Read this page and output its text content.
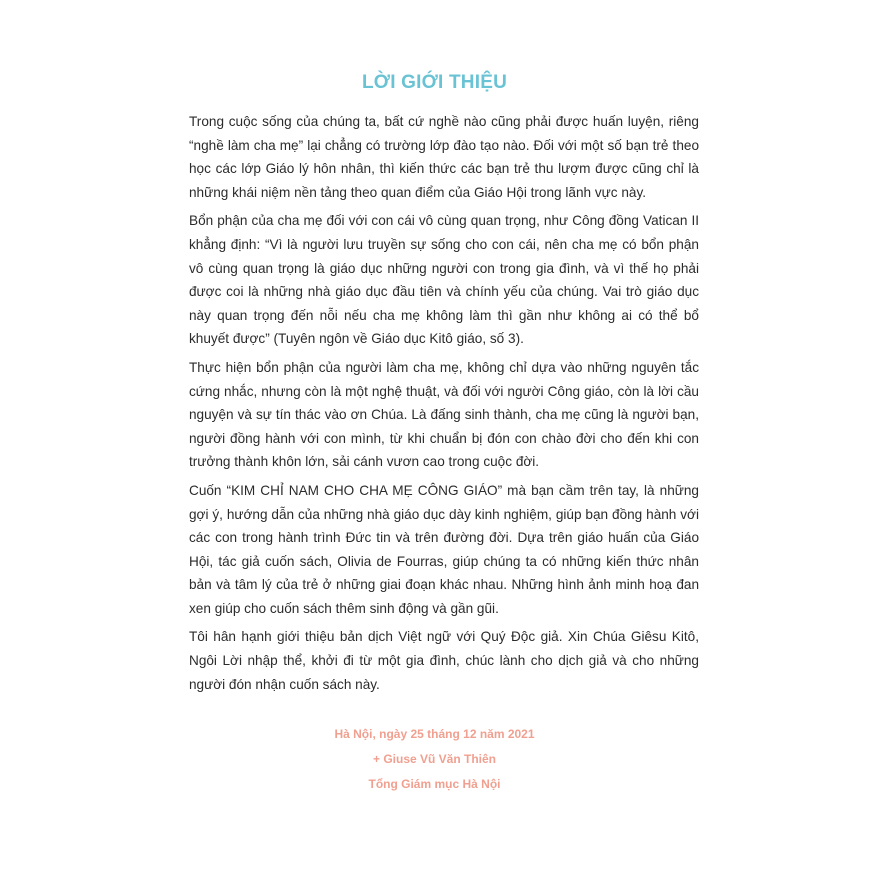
LỜI GIỚI THIỆU

Trong cuộc sống của chúng ta, bất cứ nghề nào cũng phải được huấn luyện, riêng “nghề làm cha mẹ” lại chẳng có trường lớp đào tạo nào. Đối với một số bạn trẻ theo học các lớp Giáo lý hôn nhân, thì kiến thức các bạn trẻ thu lượm được cũng chỉ là những khái niệm nền tảng theo quan điểm của Giáo Hội trong lãnh vực này.

Bổn phận của cha mẹ đối với con cái vô cùng quan trọng, như Công đồng Vatican II khẳng định: “Vì là người lưu truyền sự sống cho con cái, nên cha mẹ có bổn phận vô cùng quan trọng là giáo dục những người con trong gia đình, và vì thế họ phải được coi là những nhà giáo dục đầu tiên và chính yếu của chúng. Vai trò giáo dục này quan trọng đến nỗi nếu cha mẹ không làm thì gần như không ai có thể bổ khuyết được” (Tuyên ngôn về Giáo dục Kitô giáo, số 3).

Thực hiện bổn phận của người làm cha mẹ, không chỉ dựa vào những nguyên tắc cứng nhắc, nhưng còn là một nghệ thuật, và đối với người Công giáo, còn là lời cầu nguyện và sự tín thác vào ơn Chúa. Là đấng sinh thành, cha mẹ cũng là người bạn, người đồng hành với con mình, từ khi chuẩn bị đón con chào đời cho đến khi con trưởng thành khôn lớn, sải cánh vươn cao trong cuộc đời.

Cuốn “KIM CHỈ NAM CHO CHA MẸ CÔNG GIÁO” mà bạn cầm trên tay, là những gợi ý, hướng dẫn của những nhà giáo dục dày kinh nghiệm, giúp bạn đồng hành với các con trong hành trình Đức tin và trên đường đời. Dựa trên giáo huấn của Giáo Hội, tác giả cuốn sách, Olivia de Fourras, giúp chúng ta có những kiến thức nhân bản và tâm lý của trẻ ở những giai đoạn khác nhau. Những hình ảnh minh hoạ đan xen giúp cho cuốn sách thêm sinh động và gần gũi.

Tôi hân hạnh giới thiệu bản dịch Việt ngữ với Quý Độc giả. Xin Chúa Giêsu Kitô, Ngôi Lời nhập thể, khởi đi từ một gia đình, chúc lành cho dịch giả và cho những người đón nhận cuốn sách này.

Hà Nội, ngày 25 tháng 12 năm 2021
+ Giuse Vũ Văn Thiên
Tổng Giám mục Hà Nội
